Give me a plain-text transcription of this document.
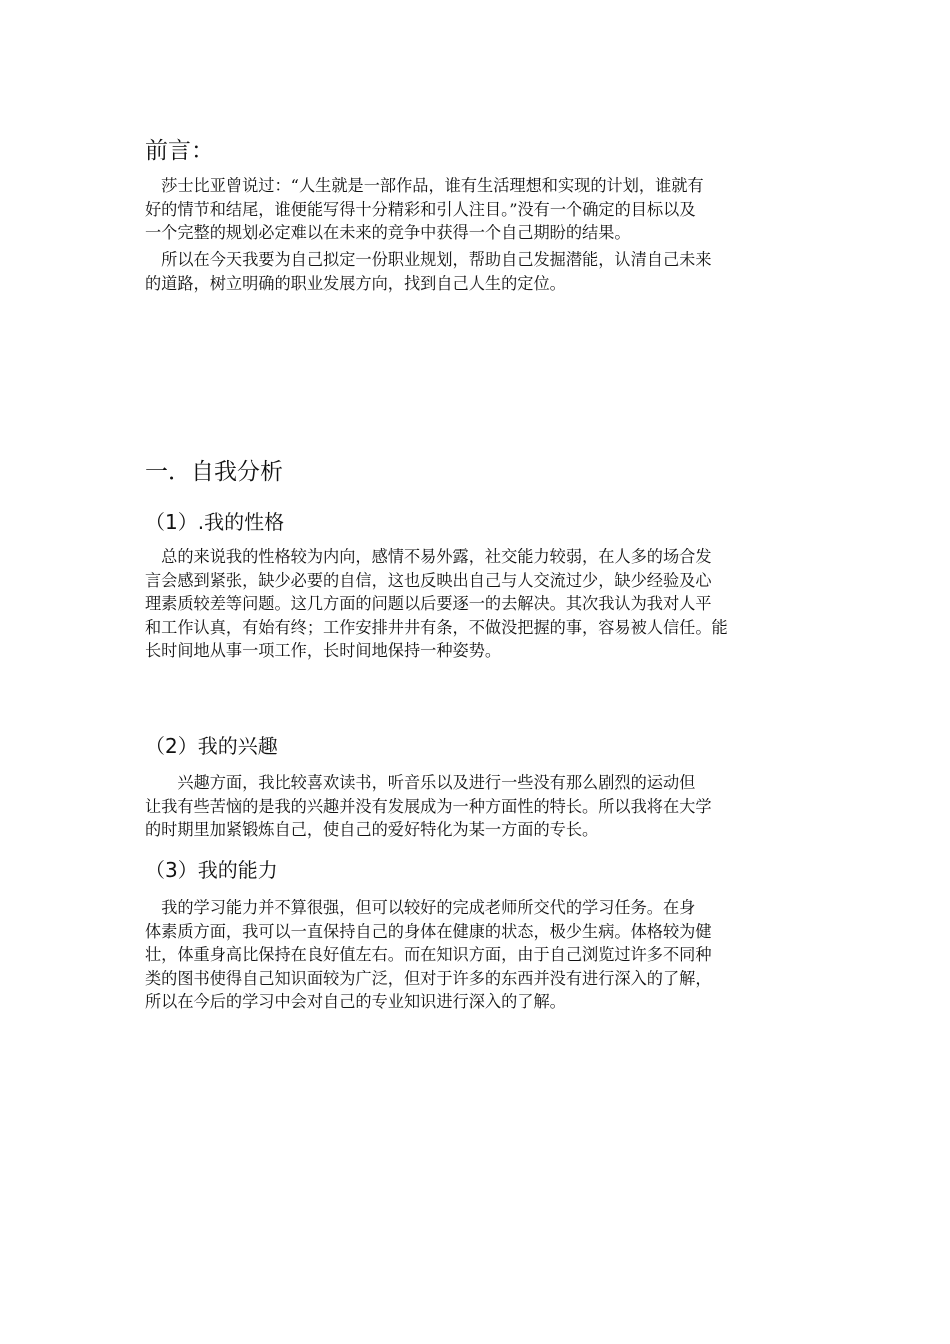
前言：
　莎士比亚曾说过：“人生就是一部作品，谁有生活理想和实现的计划，谁就有
好的情节和结尾，谁便能写得十分精彩和引人注目。”没有一个确定的目标以及
一个完整的规划必定难以在未来的竞争中获得一个自己期盼的结果。
　所以在今天我要为自己拟定一份职业规划，帮助自己发掘潜能，认清自己未来
的道路，树立明确的职业发展方向，找到自己人生的定位。
一．自我分析
（1）.我的性格
　总的来说我的性格较为内向，感情不易外露，社交能力较弱，在人多的场合发
言会感到紧张，缺少必要的自信，这也反映出自己与人交流过少，缺少经验及心
理素质较差等问题。这几方面的问题以后要逐一的去解决。其次我认为我对人平
和工作认真，有始有终；工作安排井井有条，不做没把握的事，容易被人信任。能
长时间地从事一项工作，长时间地保持一种姿势。
（2）我的兴趣
　　兴趣方面，我比较喜欢读书，听音乐以及进行一些没有那么剧烈的运动但
让我有些苦恼的是我的兴趣并没有发展成为一种方面性的特长。所以我将在大学
的时期里加紧锻炼自己，使自己的爱好特化为某一方面的专长。
（3）我的能力
　我的学习能力并不算很强，但可以较好的完成老师所交代的学习任务。在身
体素质方面，我可以一直保持自己的身体在健康的状态，极少生病。体格较为健
壮，体重身高比保持在良好值左右。而在知识方面，由于自己浏览过许多不同种
类的图书使得自己知识面较为广泛，但对于许多的东西并没有进行深入的了解，
所以在今后的学习中会对自己的专业知识进行深入的了解。
